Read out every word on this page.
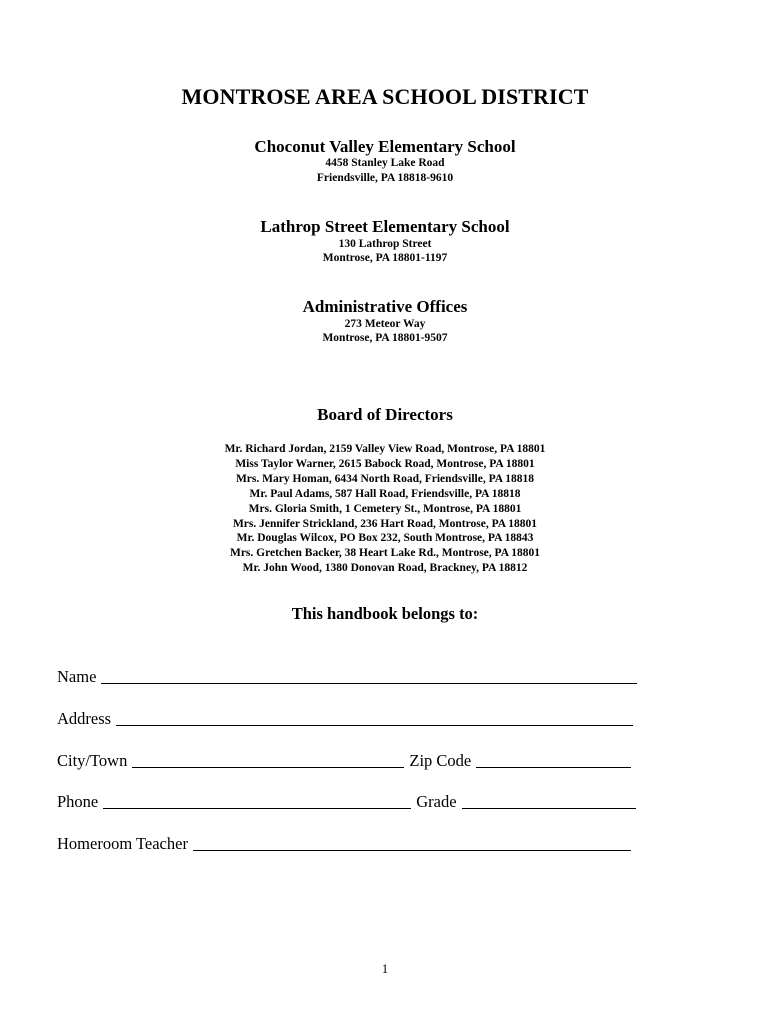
MONTROSE AREA SCHOOL DISTRICT
Choconut Valley Elementary School
4458 Stanley Lake Road
Friendsville, PA 18818-9610
Lathrop Street Elementary School
130 Lathrop Street
Montrose, PA 18801-1197
Administrative Offices
273 Meteor Way
Montrose, PA 18801-9507
Board of Directors
Mr. Richard Jordan, 2159 Valley View Road, Montrose, PA 18801
Miss Taylor Warner, 2615 Babock Road, Montrose, PA 18801
Mrs. Mary Homan, 6434 North Road, Friendsville, PA 18818
Mr. Paul Adams, 587 Hall Road, Friendsville, PA 18818
Mrs. Gloria Smith, 1 Cemetery St., Montrose, PA 18801
Mrs. Jennifer Strickland, 236 Hart Road, Montrose, PA 18801
Mr. Douglas Wilcox, PO Box 232, South Montrose, PA 18843
Mrs. Gretchen Backer, 38 Heart Lake Rd., Montrose, PA 18801
Mr. John Wood, 1380 Donovan Road, Brackney, PA 18812
This handbook belongs to:
Name
Address
City/Town	Zip Code
Phone	Grade
Homeroom Teacher
1
